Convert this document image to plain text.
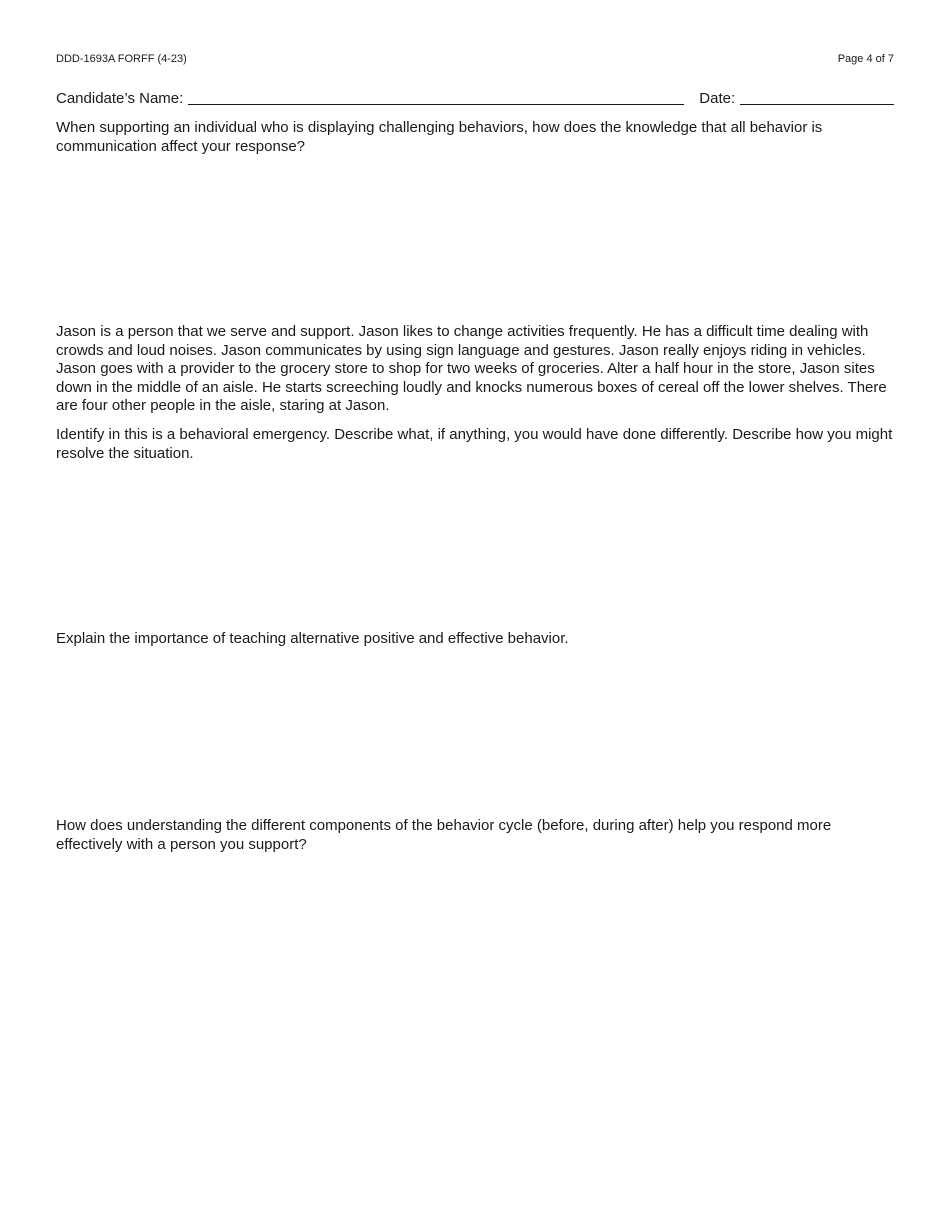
DDD-1693A FORFF (4-23)	Page 4 of 7
Candidate’s Name:	Date:

When supporting an individual who is displaying challenging behaviors, how does the knowledge that all behavior is communication affect your response?

Jason is a person that we serve and support. Jason likes to change activities frequently. He has a difficult time dealing with crowds and loud noises. Jason communicates by using sign language and gestures. Jason really enjoys riding in vehicles. Jason goes with a provider to the grocery store to shop for two weeks of groceries. Alter a half hour in the store, Jason sites down in the middle of an aisle. He starts screeching loudly and knocks numerous boxes of cereal off the lower shelves. There are four other people in the aisle, staring at Jason.

Identify in this is a behavioral emergency. Describe what, if anything, you would have done differently. Describe how you might resolve the situation.

Explain the importance of teaching alternative positive and effective behavior.

How does understanding the different components of the behavior cycle (before, during after) help you respond more effectively with a person you support?
